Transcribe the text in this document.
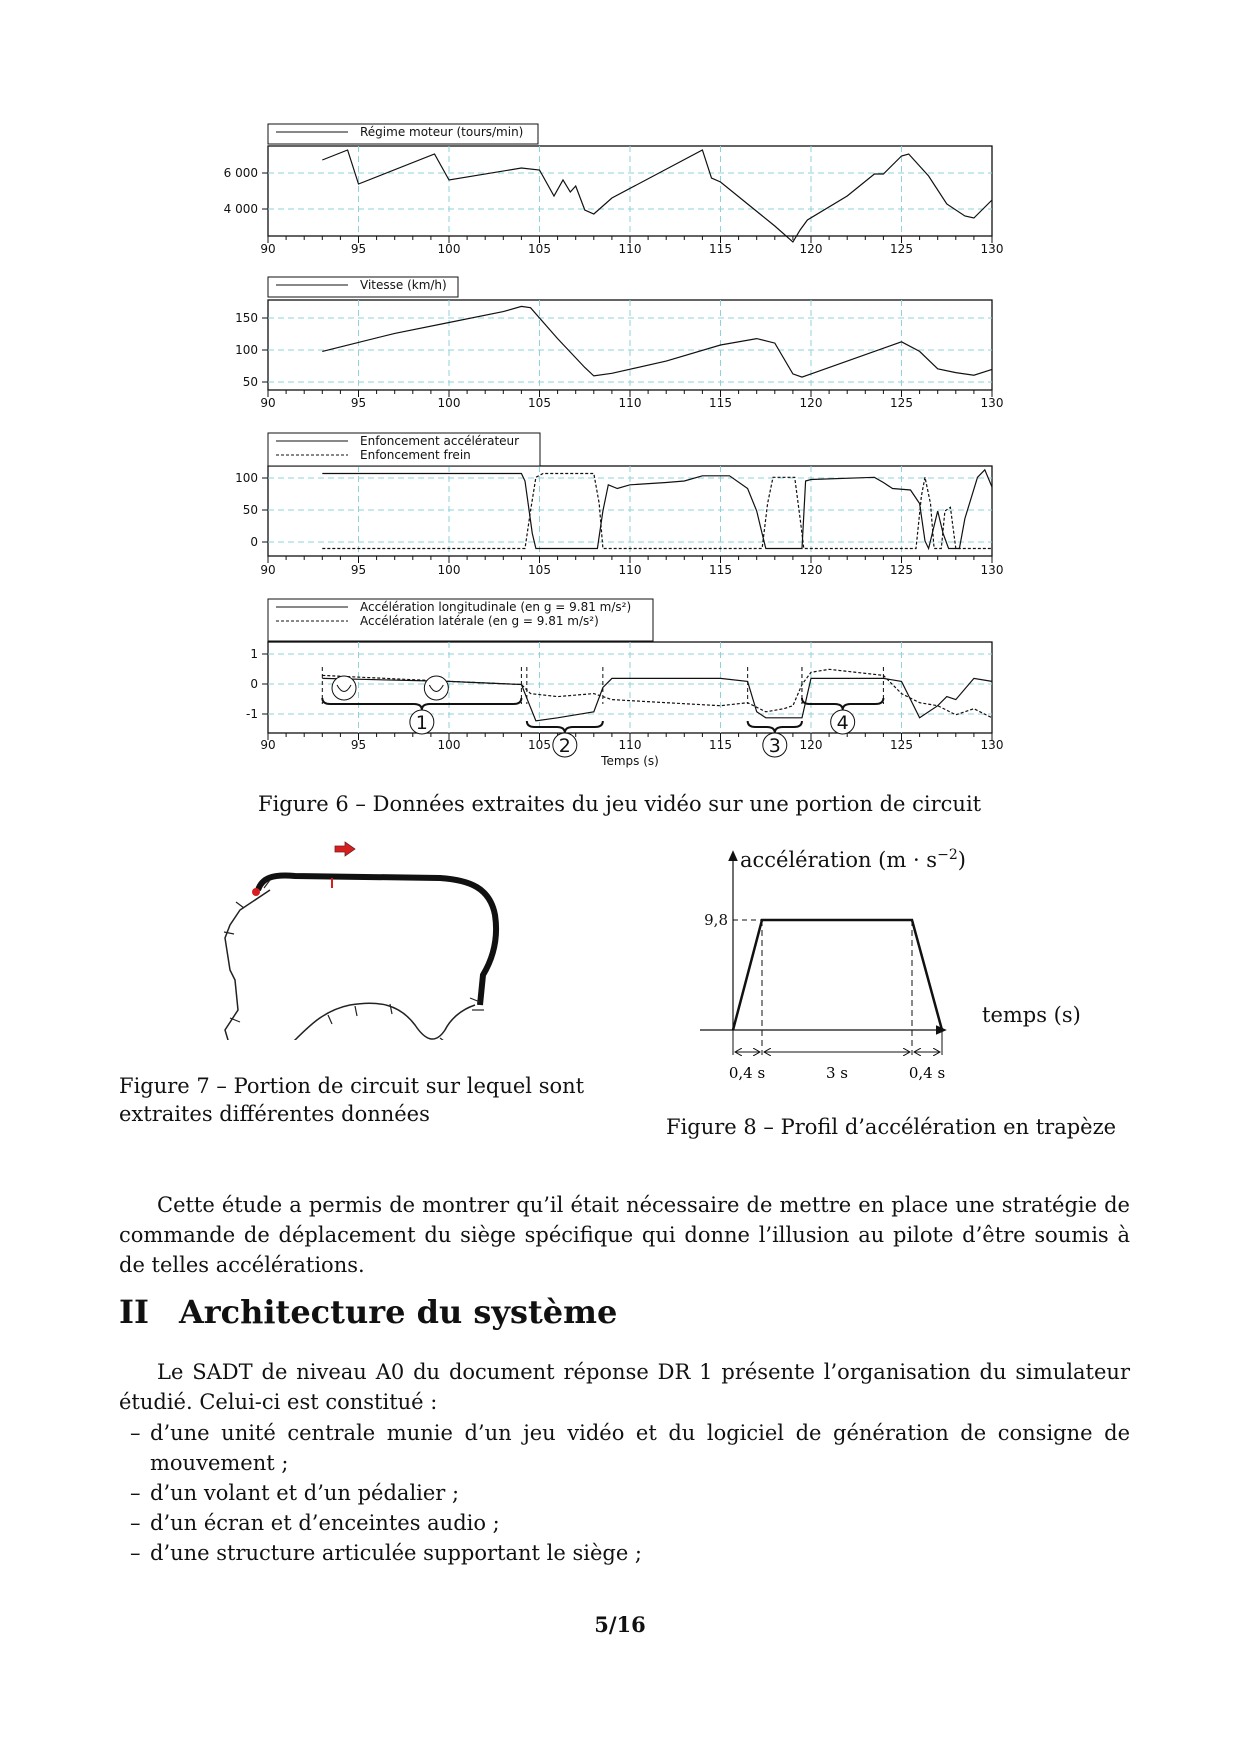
90	95	100	105	110	115	120	125	130
6 000
4 000
Régime moteur (tours/min)
90	95	100	105	110	115	120	125	130
150
100
50
Vitesse (km/h)
90	95	100	105	110	115	120	125	130
100
50
0
Enfoncement accélérateur
Enfoncement frein
90	95	100	105	110	115	120	125	130
1
0
-1
Accélération longitudinale (en g = 9.81 m/s²)
Accélération latérale (en g = 9.81 m/s²)
Temps (s)
1
2	3
4
Figure 6 – Données extraites du jeu vidéo sur une portion de circuit
Figure 7 – Portion de circuit sur lequel sont
extraites différentes données
accélération $(m \cdot s^{-2})$
temps (s)
9,8
0,4 s	3 s	0,4 s
Figure 8 – Profil d’accélération en trapèze
Cette étude a permis de montrer qu’il était nécessaire de mettre en place une stratégie de commande de déplacement du siège spécifique qui donne l’illusion au pilote d’être soumis à de telles accélérations.
II Architecture du système
Le SADT de niveau A0 du document réponse DR 1 présente l’organisation du simulateur étudié. Celui-ci est constitué :
– d’une unité centrale munie d’un jeu vidéo et du logiciel de génération de consigne de mouvement ;
– d’un volant et d’un pédalier ;
– d’un écran et d’enceintes audio ;
– d’une structure articulée supportant le siège ;
5/16
